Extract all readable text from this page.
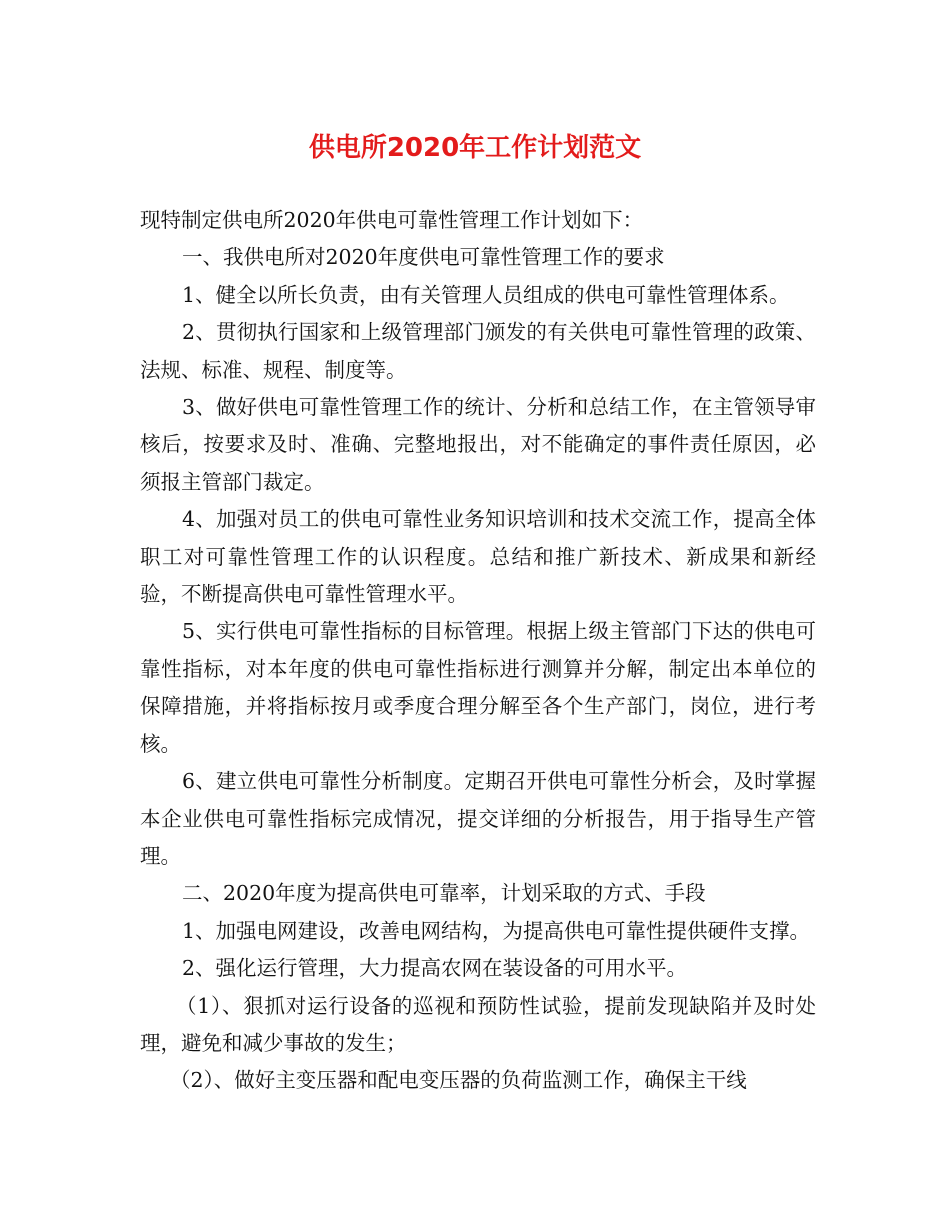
供电所2020年工作计划范文

现特制定供电所2020年供电可靠性管理工作计划如下：

一、我供电所对2020年度供电可靠性管理工作的要求

1、健全以所长负责，由有关管理人员组成的供电可靠性管理体系。

2、贯彻执行国家和上级管理部门颁发的有关供电可靠性管理的政策、法规、标准、规程、制度等。

3、做好供电可靠性管理工作的统计、分析和总结工作，在主管领导审核后，按要求及时、准确、完整地报出，对不能确定的事件责任原因，必须报主管部门裁定。

4、加强对员工的供电可靠性业务知识培训和技术交流工作，提高全体职工对可靠性管理工作的认识程度。总结和推广新技术、新成果和新经验，不断提高供电可靠性管理水平。

5、实行供电可靠性指标的目标管理。根据上级主管部门下达的供电可靠性指标，对本年度的供电可靠性指标进行测算并分解，制定出本单位的保障措施，并将指标按月或季度合理分解至各个生产部门，岗位，进行考核。

6、建立供电可靠性分析制度。定期召开供电可靠性分析会，及时掌握本企业供电可靠性指标完成情况，提交详细的分析报告，用于指导生产管理。

二、2020年度为提高供电可靠率，计划采取的方式、手段

1、加强电网建设，改善电网结构，为提高供电可靠性提供硬件支撑。

2、强化运行管理，大力提高农网在装设备的可用水平。

（1）、狠抓对运行设备的巡视和预防性试验，提前发现缺陷并及时处理，避免和减少事故的发生；

（2）、做好主变压器和配电变压器的负荷监测工作，确保主干线
